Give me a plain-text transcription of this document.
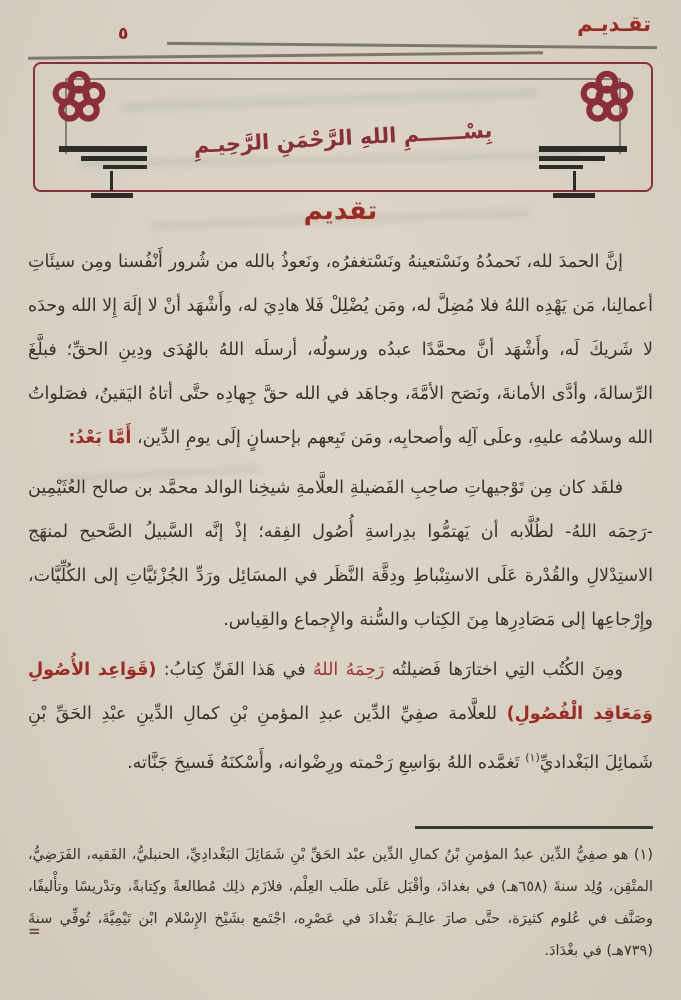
تقـديـم
٥
بِسْــــــمِ اللهِ الرَّحْمَنِ الرَّحِيـمِ
تقديم

إنَّ الحمدَ لله، نَحمدُهُ ونَسْتعينهُ ونَسْتغفرُه، ونَعوذُ بالله من شُرور أَنْفُسنا ومِن سيئَاتِ أعمالِنا، مَن يَهْدِه اللهُ فلا مُضِلَّ له، ومَن يُضْلِلْ فَلا هادِيَ له، وأَشْهَد أنْ لا إلَهَ إِلا الله وحدَه لا شَريكَ لَه، وأَشْهَد أنَّ محمَّدًا عبدُه ورسولُه، أرسلَه اللهُ بالهُدَى ودِينِ الحقِّ؛ فبلَّغَ الرِّسالةَ، وأدَّى الأمانةَ، ونَصَح الأمَّةَ، وجاهَد في الله حقَّ جِهادِه حتَّى أتاهُ اليَقينُ، فصَلواتُ الله وسلامُه عليهِ، وعلَى آلِه وأصحابِه، ومَن تَبِعهم بإحسانٍ إلَى يومِ الدِّين، أَمَّا بَعْدُ:

فلقَد كان مِن تَوْجيهاتِ صاحِبِ الفَضيلةِ العلَّامةِ شيخِنا الوالد محمَّد بن صالح العُثَيْمِين -رَحِمَه اللهُ- لطُلَّابه أن يَهتمُّوا بدِراسةِ أُصُول الفِقه؛ إذْ إنَّه السَّبيلُ الصَّحيح لمنهَج الاستِدْلالِ والقُدْرة عَلَى الاستِنْباطِ ودِقَّة النَّظَر في المسَائِل ورَدِّ الجُزْئيَّاتِ إلى الكُلِّيَّات، وإِرْجاعِها إلى مَصَادِرِها مِنَ الكِتاب والسُّنة والإِجماع والقِياس.

ومِنَ الكُتُب التِي اختارَها فَضيلتُه رَحِمَهُ اللهُ في هَذا الفَنِّ كِتابُ: (قَوَاعِد الأُصُولِ وَمَعَاقِد الْفُصُولِ) للعلَّامة صفِيِّ الدِّين عبدِ المؤمنِ بْنِ كمالِ الدِّينِ عبْدِ الحَقِّ بْنِ شَمائِلَ البَغْداديِّ$^{(١)}$ تَغمَّده اللهُ بوَاسِعِ رَحْمته ورِضْوانه، وأَسْكنَهُ فَسيحَ جَنَّاته.

(١) هو صفِيُّ الدِّين عبدُ المؤمنِ بْنُ كمالِ الدِّين عبْد الحَقِّ بْنِ شَمَائِلَ البَغْدادِيِّ، الحنبليُّ، الفَقيه، الفَرَضِيُّ، المتْقِن، وُلِد سنةَ (٦٥٨هـ) في بغدادَ، وأقْبَل عَلَى طلَب العِلْم، فلازَم ذلِك مُطالعةً وكِتابةً، وتدْريسًا وتأْليفًا، وصَنَّف في عُلوم كثيرَة، حتَّى صارَ عالِـمَ بَغْدادَ في عَصْرِه، اجْتَمع بشَيْخ الإِسْلام ابْن تَيْمِيَّةَ، تُوفِّي سنةَ (٧٣٩هـ) في بغْدَادَ.

=
